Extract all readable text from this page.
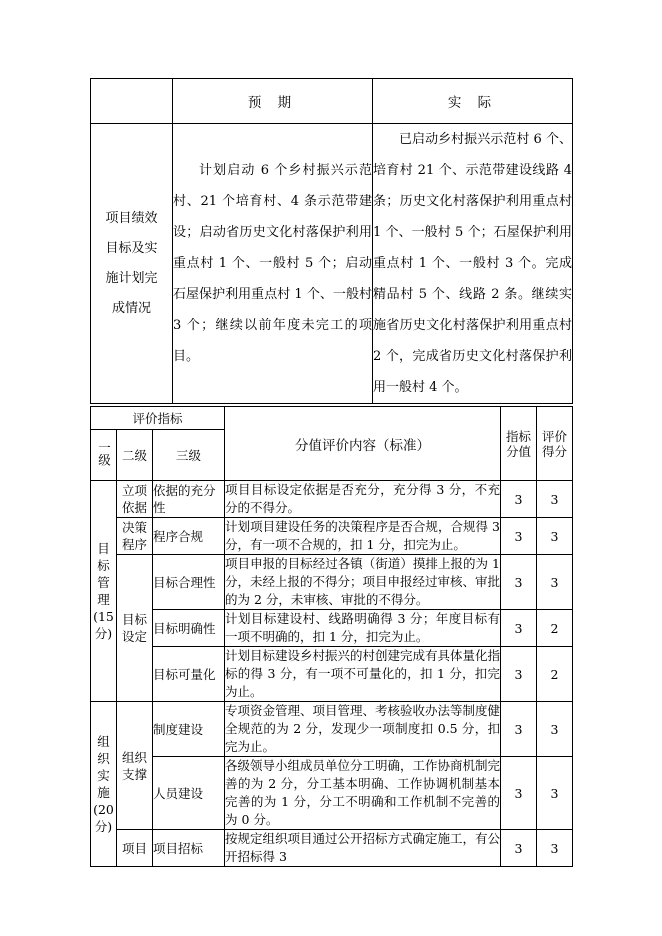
	预 期	实 际

项目绩效
目标及实
施计划完
成情况	计划启动 6 个乡村振兴示范村、21 个培育村、4 条示范带建设；启动省历史文化村落保护利用重点村 1 个、一般村 5 个；启动石屋保护利用重点村 1 个、一般村 3 个；继续以前年度未完工的项目。	已启动乡村振兴示范村 6 个、培育村 21 个、示范带建设线路 4 条；历史文化村落保护利用重点村 1 个、一般村 5 个；石屋保护利用重点村 1 个、一般村 3 个。完成精品村 5 个、线路 2 条。继续实施省历史文化村落保护利用重点村 2 个，完成省历史文化村落保护利用一般村 4 个。
评价指标			分值评价内容（标准）	指标
分值	评价
得分

一级	二级	三级			

目
标
管
理
(15
分)

立项
依据
	依据的充分性	项目目标设定依据是否充分，充分得 3 分，不充分的不得分。	3	3

	决策
程序	程序合规	计划项目建设任务的决策程序是否合规，合规得 3 分，有一项不合规的，扣 1 分，扣完为止。	3	3

	目标
设定	目标合理性	项目申报的目标经过各镇（街道）摸排上报的为 1 分，未经上报的不得分；项目申报经过审核、审批的为 2 分，未审核、审批的不得分。	3	3
		目标明确性	计划目标建设村、线路明确得 3 分；年度目标有一项不明确的，扣 1 分，扣完为止。	3	2
		目标可量化	计划目标建设乡村振兴的村创建完成有具体量化指标的得 3 分，有一项不可量化的，扣 1 分，扣完为止。	3	2

组
织
实
施
(20
分)

组织
支撑
	制度建设	专项资金管理、项目管理、考核验收办法等制度健全规范的为 2 分，发现少一项制度扣 0.5 分，扣完为止。	3	3
		人员建设	各级领导小组成员单位分工明确，工作协商机制完善的为 2 分，分工基本明确、工作协调机制基本完善的为 1 分，分工不明确和工作机制不完善的为 0 分。	3	3

	项目	项目招标	按规定组织项目通过公开招标方式确定施工，有公开招标得 3	3	3
